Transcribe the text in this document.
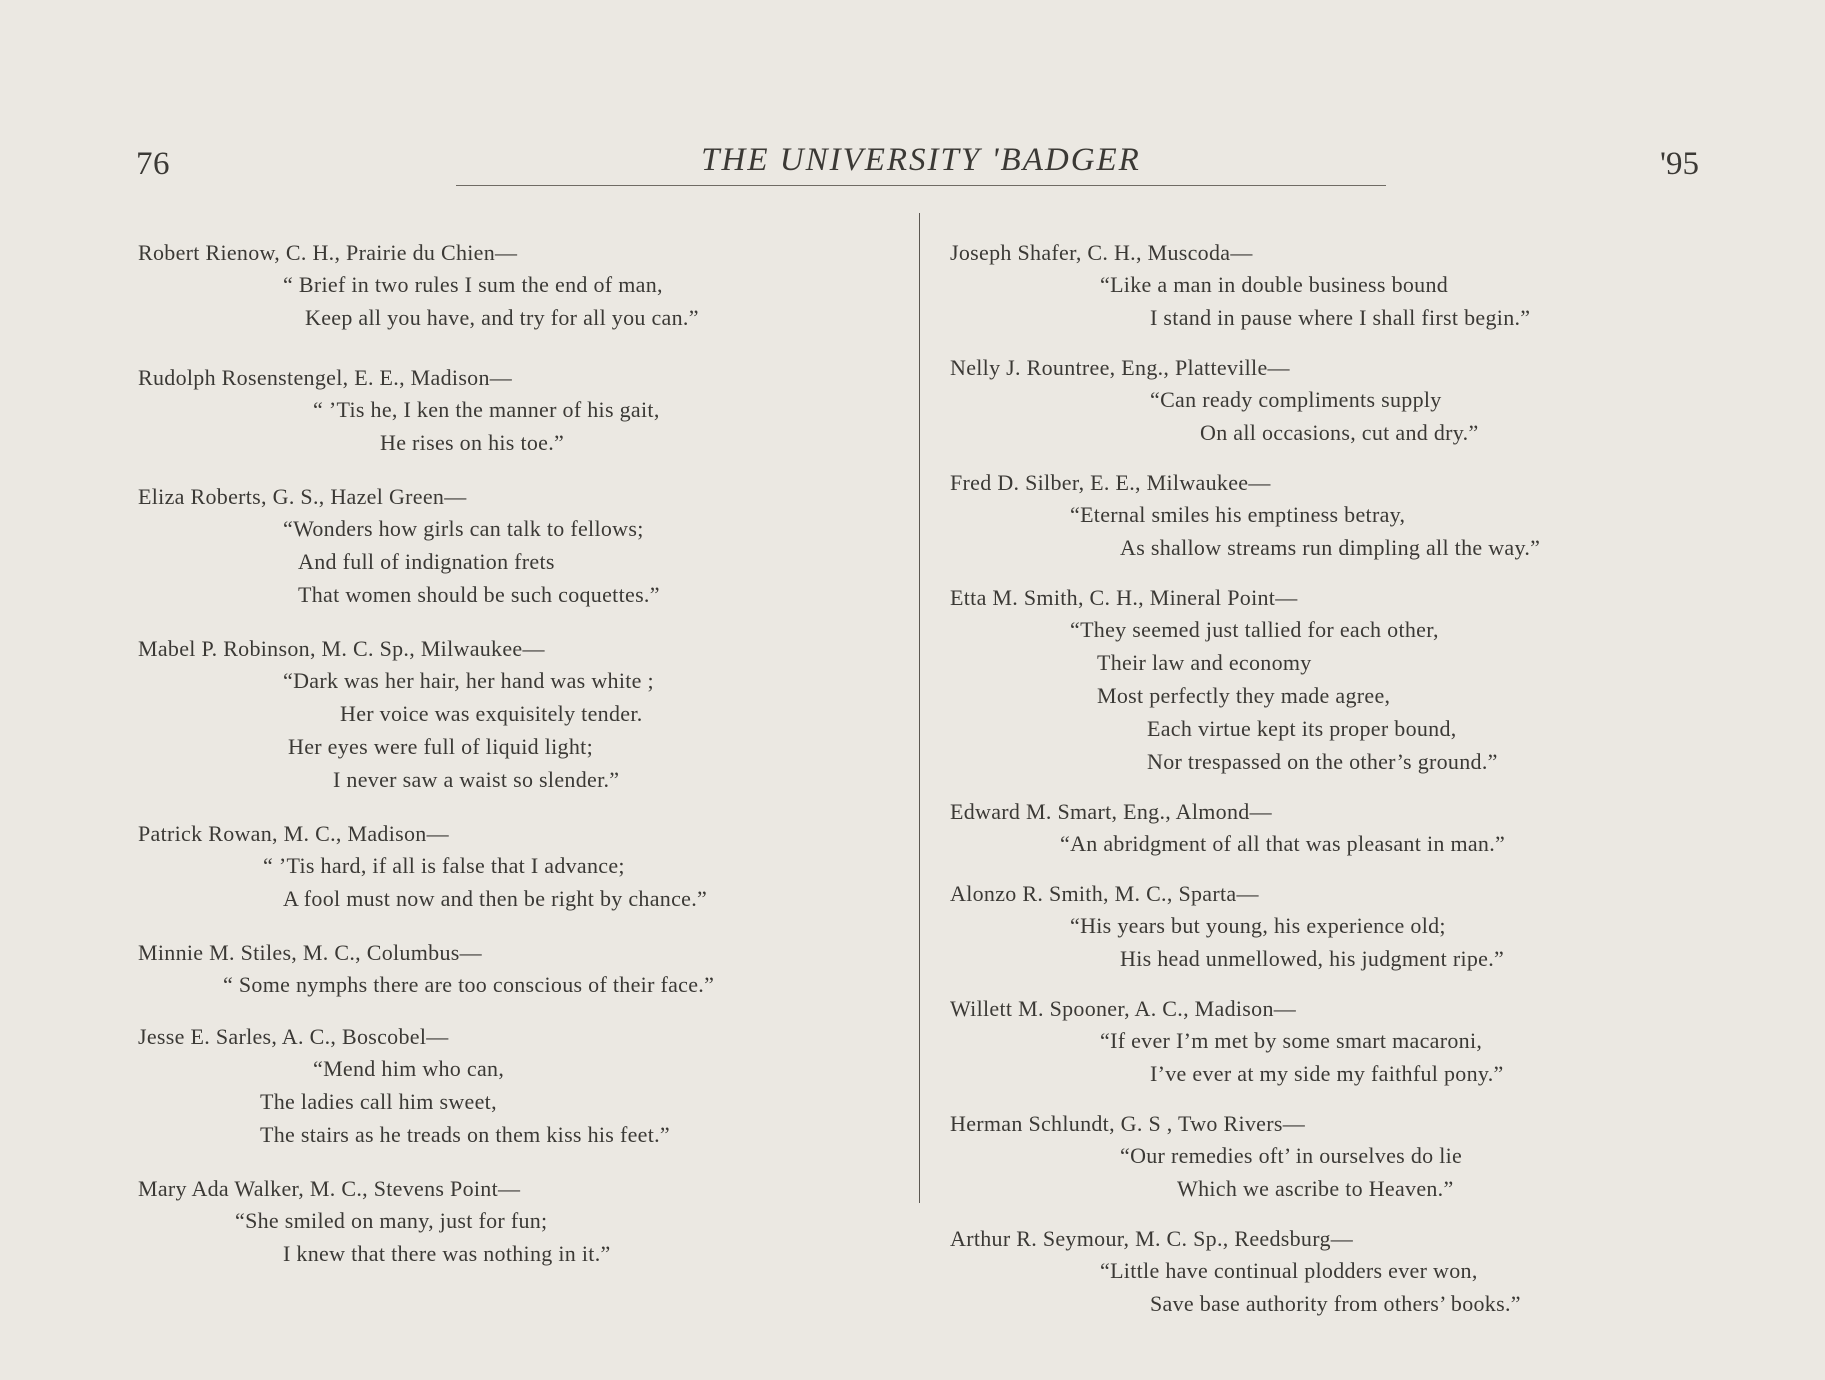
76	THE UNIVERSITY 'BADGER	'95
Robert Rienow, C. H., Prairie du Chien—
“ Brief in two rules I sum the end of man,
Keep all you have, and try for all you can.”
Rudolph Rosenstengel, E. E., Madison—
“ ’Tis he, I ken the manner of his gait,
He rises on his toe.”
Eliza Roberts, G. S., Hazel Green—
“Wonders how girls can talk to fellows;
And full of indignation frets
That women should be such coquettes.”
Mabel P. Robinson, M. C. Sp., Milwaukee—
“Dark was her hair, her hand was white ;
Her voice was exquisitely tender.
Her eyes were full of liquid light;
I never saw a waist so slender.”
Patrick Rowan, M. C., Madison—
“ ’Tis hard, if all is false that I advance;
A fool must now and then be right by chance.”
Minnie M. Stiles, M. C., Columbus—
“ Some nymphs there are too conscious of their face.”
Jesse E. Sarles, A. C., Boscobel—
“Mend him who can,
The ladies call him sweet,
The stairs as he treads on them kiss his feet.”
Mary Ada Walker, M. C., Stevens Point—
“She smiled on many, just for fun;
I knew that there was nothing in it.”
Joseph Shafer, C. H., Muscoda—
“Like a man in double business bound
I stand in pause where I shall first begin.”
Nelly J. Rountree, Eng., Platteville—
“Can ready compliments supply
On all occasions, cut and dry.”
Fred D. Silber, E. E., Milwaukee—
“Eternal smiles his emptiness betray,
As shallow streams run dimpling all the way.”
Etta M. Smith, C. H., Mineral Point—
“They seemed just tallied for each other,
Their law and economy
Most perfectly they made agree,
Each virtue kept its proper bound,
Nor trespassed on the other’s ground.”
Edward M. Smart, Eng., Almond—
“An abridgment of all that was pleasant in man.”
Alonzo R. Smith, M. C., Sparta—
“His years but young, his experience old;
His head unmellowed, his judgment ripe.”
Willett M. Spooner, A. C., Madison—
“If ever I’m met by some smart macaroni,
I’ve ever at my side my faithful pony.”
Herman Schlundt, G. S , Two Rivers—
“Our remedies oft’ in ourselves do lie
Which we ascribe to Heaven.”
Arthur R. Seymour, M. C. Sp., Reedsburg—
“Little have continual plodders ever won,
Save base authority from others’ books.”
